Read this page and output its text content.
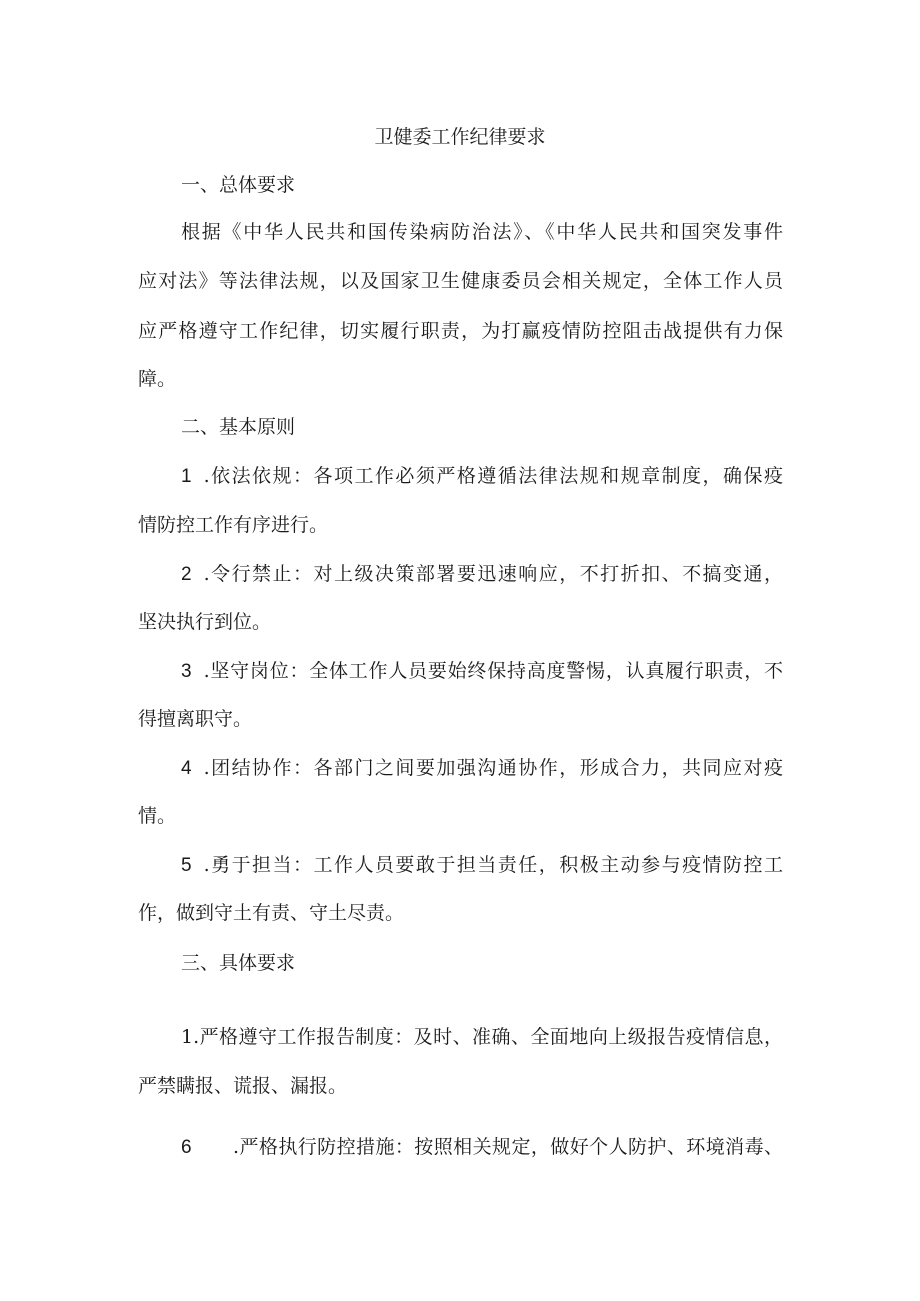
卫健委工作纪律要求
一、总体要求
根据《中华人民共和国传染病防治法》、《中华人民共和国突发事件
应对法》等法律法规，以及国家卫生健康委员会相关规定，全体工作人员
应严格遵守工作纪律，切实履行职责，为打赢疫情防控阻击战提供有力保
障。
二、基本原则
1 .依法依规：各项工作必须严格遵循法律法规和规章制度，确保疫
情防控工作有序进行。
2 .令行禁止：对上级决策部署要迅速响应，不打折扣、不搞变通，
坚决执行到位。
3 .坚守岗位：全体工作人员要始终保持高度警惕，认真履行职责，不
得擅离职守。
4 .团结协作：各部门之间要加强沟通协作，形成合力，共同应对疫
情。
5 .勇于担当：工作人员要敢于担当责任，积极主动参与疫情防控工
作，做到守土有责、守土尽责。
三、具体要求
1.严格遵守工作报告制度：及时、准确、全面地向上级报告疫情信息，
严禁瞒报、谎报、漏报。
6 .严格执行防控措施：按照相关规定，做好个人防护、环境消毒、
